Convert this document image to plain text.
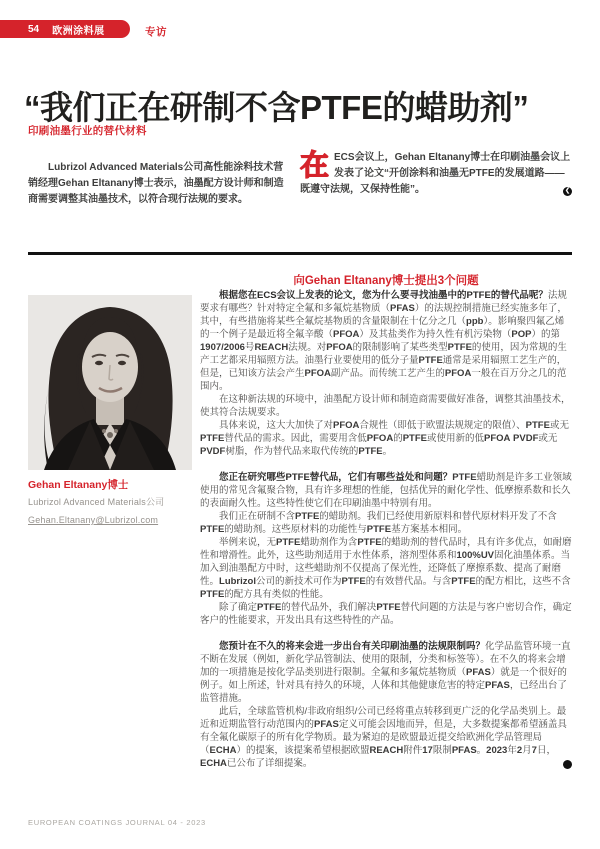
54 欧洲涂料展	专访
“我们正在研制不含PTFE的蜡助剂”
印刷油墨行业的替代材料

Lubrizol Advanced Materials公司高性能涂料技术营销经理Gehan Eltanany博士表示，油墨配方设计师和制造商需要调整其油墨技术，以符合现行法规的要求。

在ECS会议上，Gehan Eltanany博士在印刷油墨会议上发表了论文“开创涂料和油墨无PTFE的发展道路——既遵守法规，又保持性能”。	❮
向Gehan Eltanany博士提出3个问题

Gehan Eltanany博士

Lubrizol Advanced Materials公司

Gehan.Eltanany@Lubrizol.com

根据您在ECS会议上发表的论文，您为什么要寻找油墨中的PTFE的替代品呢？法规要求有哪些？针对特定全氟和多氟烷基物质（PFAS）的法规控制措施已经实施多年了，其中，有些措施将某些全氟烷基物质的含量限制在十亿分之几（ppb）。影响聚四氟乙烯的一个例子是最近将全氟辛酸（PFOA）及其盐类作为持久性有机污染物（POP）的第1907/2006号REACH法规。对PFOA的限制影响了某些类型PTFE的使用，因为常规的生产工艺都采用辐照方法。油墨行业要使用的低分子量PTFE通常是采用辐照工艺生产的，但是，已知该方法会产生PFOA副产品。而传统工艺产生的PFOA一般在百万分之几的范围内。

在这种新法规的环境中，油墨配方设计师和制造商需要做好准备，调整其油墨技术，使其符合法规要求。

具体来说，这大大加快了对PFOA合规性（即低于欧盟法规规定的限值）、PTFE或无PTFE替代品的需求。因此，需要用含低PFOA的PTFE或使用新的低PFOA PVDF或无PVDF树脂，作为替代品来取代传统的PTFE。

您正在研究哪些PTFE替代品，它们有哪些益处和问题？PTFE蜡助剂是许多工业领域使用的常见含氟聚合物，具有许多理想的性能，包括优异的耐化学性、低摩擦系数和长久的表面耐久性。这些特性使它们在印刷油墨中特别有用。

我们正在研制不含PTFE的蜡助剂。我们已经使用新原料和替代原材料开发了不含PTFE的蜡助剂。这些原材料的功能性与PTFE基方案基本相同。

举例来说，无PTFE蜡助剂作为含PTFE的蜡助剂的替代品时，具有许多优点，如耐磨性和增滑性。此外，这些助剂适用于水性体系，溶剂型体系和100%UV固化油墨体系。当加入到油墨配方中时，这些蜡助剂不仅提高了保光性，还降低了摩擦系数、提高了耐磨性。Lubrizol公司的新技术可作为PTFE的有效替代品。与含PTFE的配方相比，这些不含PTFE的配方具有类似的性能。

除了确定PTFE的替代品外，我们解决PTFE替代问题的方法是与客户密切合作，确定客户的性能要求，开发出具有这些特性的产品。

您预计在不久的将来会进一步出台有关印刷油墨的法规限制吗？化学品监管环境一直不断在发展（例如，新化学品管制法、使用的限制，分类和标签等）。在不久的将来会增加的一项措施是按化学品类别进行限制。全氟和多氟烷基物质（PFAS）就是一个很好的例子。如上所述，针对具有持久的环境，人体和其他健康危害的特定PFAS，已经出台了监管措施。

此后，全球监管机构/非政府组织/公司已经将重点转移到更广泛的化学品类别上。最近和近期监管行动范围内的PFAS定义可能会因地而异，但是，大多数提案都希望涵盖具有全氟化碳原子的所有化学物质。最为紧迫的是欧盟最近提交给欧洲化学品管理局（ECHA）的提案，该提案希望根据欧盟REACH附件17限制PFAS。2023年2月7日，ECHA已公布了详细提案。	❮

EUROPEAN COATINGS JOURNAL 04 - 2023
